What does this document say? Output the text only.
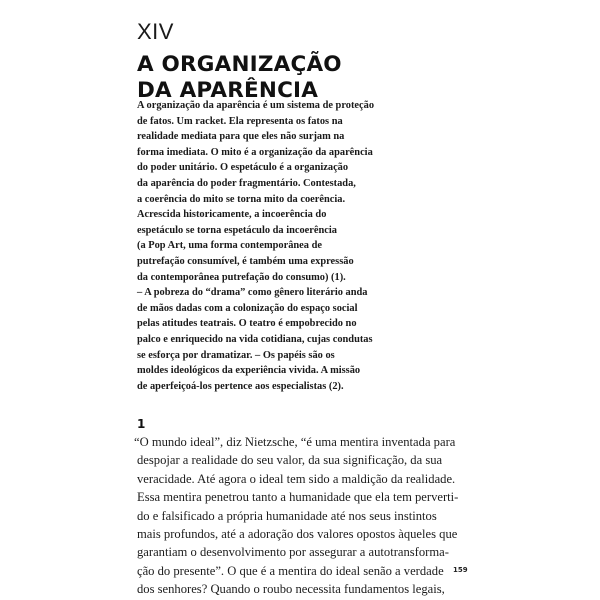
XIV
A ORGANIZAÇÃO
DA APARÊNCIA
A organização da aparência é um sistema de proteção
de fatos. Um racket. Ela representa os fatos na
realidade mediata para que eles não surjam na
forma imediata. O mito é a organização da aparência
do poder unitário. O espetáculo é a organização
da aparência do poder fragmentário. Contestada,
a coerência do mito se torna mito da coerência.
Acrescida historicamente, a incoerência do
espetáculo se torna espetáculo da incoerência
(a Pop Art, uma forma contemporânea de
putrefação consumível, é também uma expressão
da contemporânea putrefação do consumo) (1).
– A pobreza do “drama” como gênero literário anda
de mãos dadas com a colonização do espaço social
pelas atitudes teatrais. O teatro é empobrecido no
palco e enriquecido na vida cotidiana, cujas condutas
se esforça por dramatizar. – Os papéis são os
moldes ideológicos da experiência vivida. A missão
de aperfeiçoá-los pertence aos especialistas (2).
1
“O mundo ideal”, diz Nietzsche, “é uma mentira inventada para
despojar a realidade do seu valor, da sua significação, da sua
veracidade. Até agora o ideal tem sido a maldição da realidade.
Essa mentira penetrou tanto a humanidade que ela tem perverti-
do e falsificado a própria humanidade até nos seus instintos
mais profundos, até a adoração dos valores opostos àqueles que
garantiam o desenvolvimento por assegurar a autotransforma-
ção do presente”. O que é a mentira do ideal senão a verdade
dos senhores? Quando o roubo necessita fundamentos legais,
159
